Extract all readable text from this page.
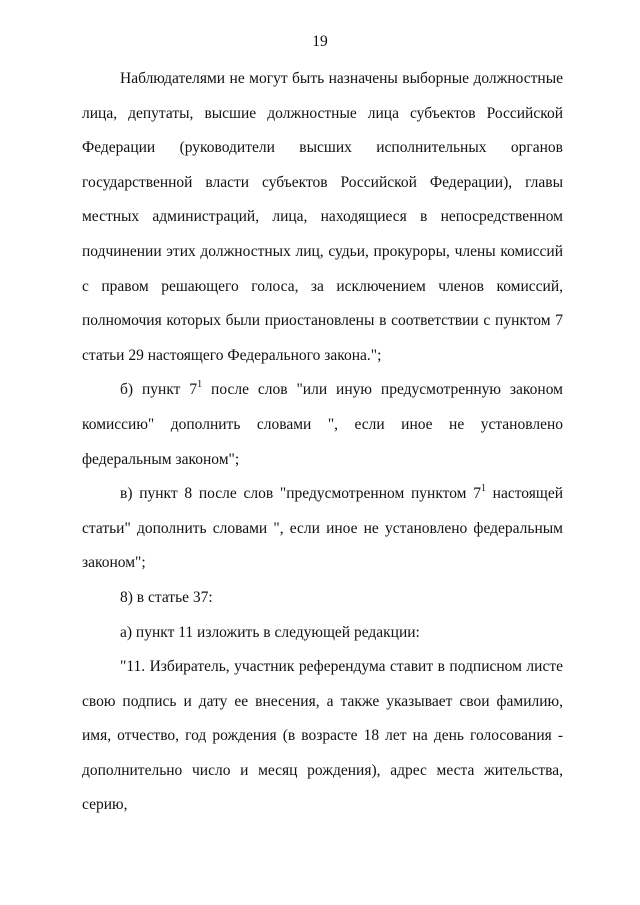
19

Наблюдателями не могут быть назначены выборные должностные лица, депутаты, высшие должностные лица субъектов Российской Федерации (руководители высших исполнительных органов государственной власти субъектов Российской Федерации), главы местных администраций, лица, находящиеся в непосредственном подчинении этих должностных лиц, судьи, прокуроры, члены комиссий с правом решающего голоса, за исключением членов комиссий, полномочия которых были приостановлены в соответствии с пунктом 7 статьи 29 настоящего Федерального закона.";

б) пункт $7^1$ после слов "или иную предусмотренную законом комиссию" дополнить словами ", если иное не установлено федеральным законом";

в) пункт 8 после слов "предусмотренном пунктом $7^1$ настоящей статьи" дополнить словами ", если иное не установлено федеральным законом";

8) в статье 37:

а) пункт 11 изложить в следующей редакции:

"11. Избиратель, участник референдума ставит в подписном листе свою подпись и дату ее внесения, а также указывает свои фамилию, имя, отчество, год рождения (в возрасте 18 лет на день голосования - дополнительно число и месяц рождения), адрес места жительства, серию,
